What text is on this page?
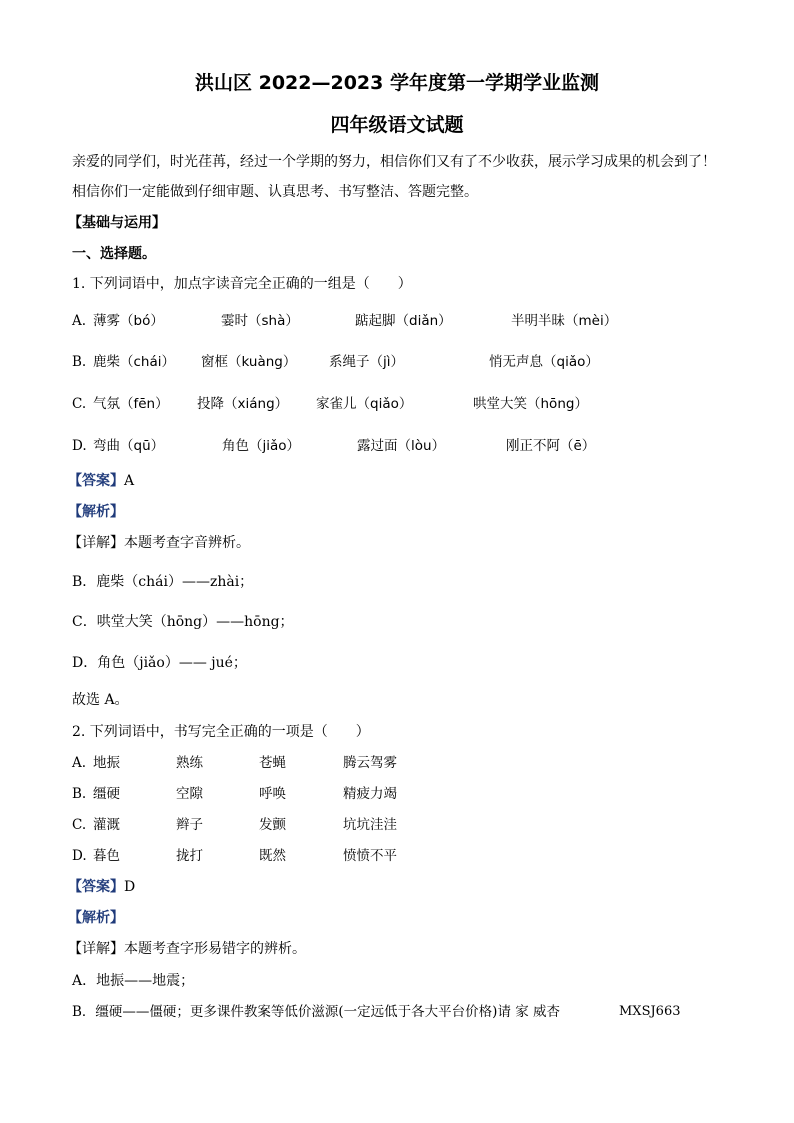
洪山区 2022—2023 学年度第一学期学业监测
四年级语文试题
亲爱的同学们，时光荏苒，经过一个学期的努力，相信你们又有了不少收获，展示学习成果的机会到了！
相信你们一定能做到仔细审题、认真思考、书写整洁、答题完整。
【基础与运用】
一、选择题。
1. 下列词语中，加点字读音完全正确的一组是（　　）
A. 薄雾（bó）	霎时（shà）	踮起脚（diǎn）	半明半昧（mèi）
B. 鹿柴（chái） 窗框（kuàng） 系绳子（jì）	悄无声息（qiǎo）
C. 气氛（fēn） 投降（xiáng） 家雀儿（qiǎo）	哄堂大笑（hōng）
D. 弯曲（qū）	角色（jiǎo）	露过面（lòu）	刚正不阿（ē）
【答案】A
【解析】
【详解】本题考查字音辨析。
B．鹿柴（chái）——zhài；
C．哄堂大笑（hōng）——hōng；
D．角色（jiǎo）—— jué；
故选 A。
2. 下列词语中，书写完全正确的一项是（　　）
A. 地振	熟练	苍蝇	腾云驾雾
B. 缰硬	空隙	呼唤	精疲力竭
C. 灌溉	辫子	发颤	坑坑洼洼
D. 暮色	拢打	既然	愤愤不平
【答案】D
【解析】
【详解】本题考查字形易错字的辨析。
A．地振——地震；
B．缰硬——僵硬；更多课件教案等低价滋源(一定远低于各大平台价格)请 家 威杏	MXSJ663
